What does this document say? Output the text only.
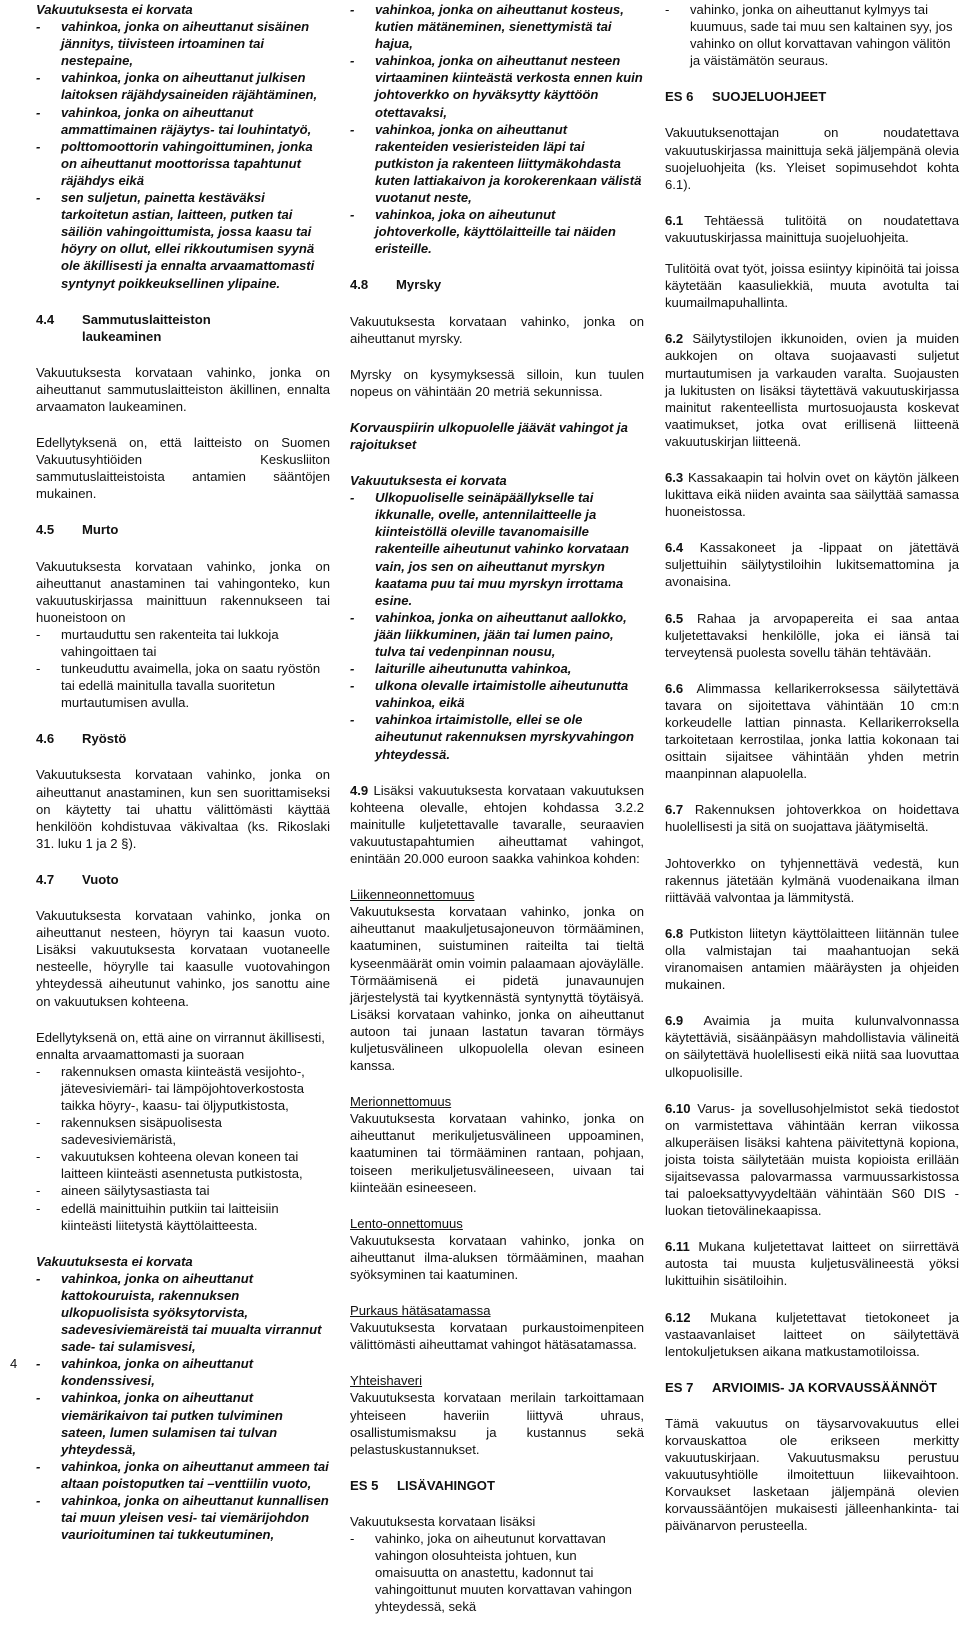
Vakuutuksesta ei korvata
- vahinkoa, jonka on aiheuttanut sisäinen jännitys, tiivisteen irtoaminen tai nestepaine,
- vahinkoa, jonka on aiheuttanut julkisen laitoksen räjähdysaineiden räjähtäminen,
- vahinkoa, jonka on aiheuttanut ammattimainen räjäytys- tai louhintatyö,
- polttomoottorin vahingoittuminen, jonka on aiheuttanut moottorissa tapahtunut räjähdys eikä
- sen suljetun, painetta kestäväksi tarkoitetun astian, laitteen, putken tai säiliön vahingoittumista, jossa kaasu tai höyry on ollut, ellei rikkoutumisen syynä ole äkillisesti ja ennalta arvaamattomasti syntynyt poikkeuksellinen ylipaine.
4.4 Sammutuslaitteiston
laukeaminen

Vakuutuksesta korvataan vahinko, jonka on aiheuttanut sammutuslaitteiston äkillinen, ennalta arvaamaton laukeaminen.

Edellytyksenä on, että laitteisto on Suomen Vakuutusyhtiöiden Keskusliiton sammutuslaitteistoista antamien sääntöjen mukainen.

4.5 Murto

Vakuutuksesta korvataan vahinko, jonka on aiheuttanut anastaminen tai vahingonteko, kun vakuutuskirjassa mainittuun rakennukseen tai huoneistoon on

- murtauduttu sen rakenteita tai lukkoja vahingoittaen tai
- tunkeuduttu avaimella, joka on saatu ryöstön tai edellä mainitulla tavalla suoritetun murtautumisen avulla.
4.6 Ryöstö

Vakuutuksesta korvataan vahinko, jonka on aiheuttanut anastaminen, kun sen suorittamiseksi on käytetty tai uhattu välittömästi käyttää henkilöön kohdistuvaa väkivaltaa (ks. Rikoslaki 31. luku 1 ja 2 §).

4.7 Vuoto

Vakuutuksesta korvataan vahinko, jonka on aiheuttanut nesteen, höyryn tai kaasun vuoto. Lisäksi vakuutuksesta korvataan vuotaneelle nesteelle, höyrylle tai kaasulle vuotovahingon yhteydessä aiheutunut vahinko, jos sanottu aine on vakuutuksen kohteena.

Edellytyksenä on, että aine on virrannut äkillisesti, ennalta arvaamattomasti ja suoraan

- rakennuksen omasta kiinteästä vesijohto-, jätevesiviemäri- tai lämpöjohtoverkostosta taikka höyry-, kaasu- tai öljyputkistosta,
- rakennuksen sisäpuolisesta sadevesiviemäristä,
- vakuutuksen kohteena olevan koneen tai laitteen kiinteästi asennetusta putkistosta,
- aineen säilytysastiasta tai
- edellä mainittuihin putkiin tai laitteisiin kiinteästi liitetystä käyttölaitteesta.
Vakuutuksesta ei korvata
- vahinkoa, jonka on aiheuttanut kattokouruista, rakennuksen ulkopuolisista syöksytorvista, sadevesiviemäreistä tai muualta virrannut sade- tai sulamisvesi,
- vahinkoa, jonka on aiheuttanut kondenssivesi,
- vahinkoa, jonka on aiheuttanut viemärikaivon tai putken tulviminen sateen, lumen sulamisen tai tulvan yhteydessä,
- vahinkoa, jonka on aiheuttanut ammeen tai altaan poistoputken tai –venttiilin vuoto,
- vahinkoa, jonka on aiheuttanut kunnallisen tai muun yleisen vesi- tai viemärijohdon vaurioituminen tai tukkeutuminen,
- vahinkoa, jonka on aiheuttanut kosteus, kutien mätäneminen, sienettymistä tai hajua,
- vahinkoa, jonka on aiheuttanut nesteen virtaaminen kiinteästä verkosta ennen kuin johtoverkko on hyväksytty käyttöön otettavaksi,
- vahinkoa, jonka on aiheuttanut rakenteiden vesieristeiden läpi tai putkiston ja rakenteen liittymäkohdasta kuten lattiakaivon ja korokerenkaan välistä vuotanut neste,
- vahinkoa, joka on aiheutunut johtoverkolle, käyttölaitteille tai näiden eristeille.
4.8 Myrsky

Vakuutuksesta korvataan vahinko, jonka on aiheuttanut myrsky.

Myrsky on kysymyksessä silloin, kun tuulen nopeus on vähintään 20 metriä sekunnissa.

Korvauspiirin ulkopuolelle jäävät vahingot ja rajoitukset

Vakuutuksesta ei korvata
- Ulkopuoliselle seinäpäällykselle tai ikkunalle, ovelle, antennilaitteelle ja kiinteistöllä oleville tavanomaisille rakenteille aiheutunut vahinko korvataan vain, jos sen on aiheuttanut myrskyn kaatama puu tai muu myrskyn irrottama esine.
- vahinkoa, jonka on aiheuttanut aallokko, jään liikkuminen, jään tai lumen paino, tulva tai vedenpinnan nousu,
- laiturille aiheutunutta vahinkoa,
- ulkona olevalle irtaimistolle aiheutunutta vahinkoa, eikä
- vahinkoa irtaimistolle, ellei se ole aiheutunut rakennuksen myrskyvahingon yhteydessä.

4.9 Lisäksi vakuutuksesta korvataan vakuutuksen kohteena olevalle, ehtojen kohdassa 3.2.2 mainitulle kuljetettavalle tavaralle, seuraavien vakuutustapahtumien aiheuttamat vahingot, enintään 20.000 euroon saakka vahinkoa kohden:

Liikenneonnettomuus

Vakuutuksesta korvataan vahinko, jonka on aiheuttanut maakuljetusajoneuvon törmääminen, kaatuminen, suistuminen raiteilta tai tieltä kyseenmäärät omin voimin palaamaan ajoväylälle. Törmäämisenä ei pidetä junavaunujen järjestelystä tai kyytkennästä syntynyttä töytäisyä. Lisäksi korvataan vahinko, jonka on aiheuttanut autoon tai junaan lastatun tavaran törmäys kuljetusvälineen ulkopuolella olevan esineen kanssa.

Merionnettomuus

Vakuutuksesta korvataan vahinko, jonka on aiheuttanut merikuljetusvälineen uppoaminen, kaatuminen tai törmääminen rantaan, pohjaan, toiseen merikuljetusvälineeseen, uivaan tai kiinteään esineeseen.

Lento-onnettomuus

Vakuutuksesta korvataan vahinko, jonka on aiheuttanut ilma-aluksen törmääminen, maahan syöksyminen tai kaatuminen.

Purkaus hätäsatamassa

Vakuutuksesta korvataan purkaustoimenpiteen välittömästi aiheuttamat vahingot hätäsatamassa.

Yhteishaveri

Vakuutuksesta korvataan merilain tarkoittamaan yhteiseen haveriin liittyvä uhraus, osallistumismaksu ja kustannus sekä pelastuskustannukset.

ES 5 LISÄVAHINGOT

Vakuutuksesta korvataan lisäksi

- vahinko, joka on aiheutunut korvattavan vahingon olosuhteista johtuen, kun omaisuutta on anastettu, kadonnut tai vahingoittunut muuten korvattavan vahingon yhteydessä, sekä
- vahinko, jonka on aiheuttanut kylmyys tai kuumuus, sade tai muu sen kaltainen syy, jos vahinko on ollut korvattavan vahingon välitön ja väistämätön seuraus.
ES 6 SUOJELUOHJEET

Vakuutuksenottajan on noudatettava vakuutuskirjassa mainittuja sekä jäljempänä olevia suojeluohjeita (ks. Yleiset sopimusehdot kohta 6.1).

6.1 Tehtäessä tulitöitä on noudatettava vakuutuskirjassa mainittuja suojeluohjeita.

Tulitöitä ovat työt, joissa esiintyy kipinöitä tai joissa käytetään kaasuliekkiä, muuta avotulta tai kuumailmapuhallinta.

6.2 Säilytystilojen ikkunoiden, ovien ja muiden aukkojen on oltava suojaavasti suljetut murtautumisen ja varkauden varalta. Suojausten ja lukitusten on lisäksi täytettävä vakuutuskirjassa mainitut rakenteellista murtosuojausta koskevat vaatimukset, jotka ovat erillisenä liitteenä vakuutuskirjan liitteenä.

6.3 Kassakaapin tai holvin ovet on käytön jälkeen lukittava eikä niiden avainta saa säilyttää samassa huoneistossa.

6.4 Kassakoneet ja -lippaat on jätettävä suljettuihin säilytystiloihin lukitsemattomina ja avonaisina.

6.5 Rahaa ja arvopapereita ei saa antaa kuljetettavaksi henkilölle, joka ei iänsä tai terveytensä puolesta sovellu tähän tehtävään.

6.6 Alimmassa kellarikerroksessa säilytettävä tavara on sijoitettava vähintään 10 cm:n korkeudelle lattian pinnasta. Kellarikerroksella tarkoitetaan kerrostilaa, jonka lattia kokonaan tai osittain sijaitsee vähintään yhden metrin maanpinnan alapuolella.

6.7 Rakennuksen johtoverkkoa on hoidettava huolellisesti ja sitä on suojattava jäätymiseltä.

Johtoverkko on tyhjennettävä vedestä, kun rakennus jätetään kylmänä vuodenaikana ilman riittävää valvontaa ja lämmitystä.

6.8 Putkiston liitetyn käyttölaitteen liitännän tulee olla valmistajan tai maahantuojan sekä viranomaisen antamien määräysten ja ohjeiden mukainen.

6.9 Avaimia ja muita kulunvalvonnassa käytettäviä, sisäänpääsyn mahdollistavia välineitä on säilytettävä huolellisesti eikä niitä saa luovuttaa ulkopuolisille.

6.10 Varus- ja sovellusohjelmistot sekä tiedostot on varmistettava vähintään kerran viikossa alkuperäisen lisäksi kahtena päivitettynä kopiona, joista toista säilytetään muista kopioista erillään sijaitsevassa palovarmassa varmuussarkistossa tai paloeksattyvyydeltään vähintään S60 DIS -luokan tietovälinekaapissa.

6.11 Mukana kuljetettavat laitteet on siirrettävä autosta tai muusta kuljetusvälineestä yöksi lukittuihin sisätiloihin.

6.12 Mukana kuljetettavat tietokoneet ja vastaavanlaiset laitteet on säilytettävä lentokuljetuksen aikana matkustamotiloissa.

ES 7 ARVIOIMIS- JA KORVAUSSÄÄNNÖT

Tämä vakuutus on täysarvovakuutus ellei korvauskattoa ole erikseen merkitty vakuutuskirjaan. Vakuutusmaksu perustuu vakuutusyhtiölle ilmoitettuun liikevaihtoon. Korvaukset lasketaan jäljempänä olevien korvaussääntöjen mukaisesti jälleenhankinta- tai päivänarvon perusteella.

4
